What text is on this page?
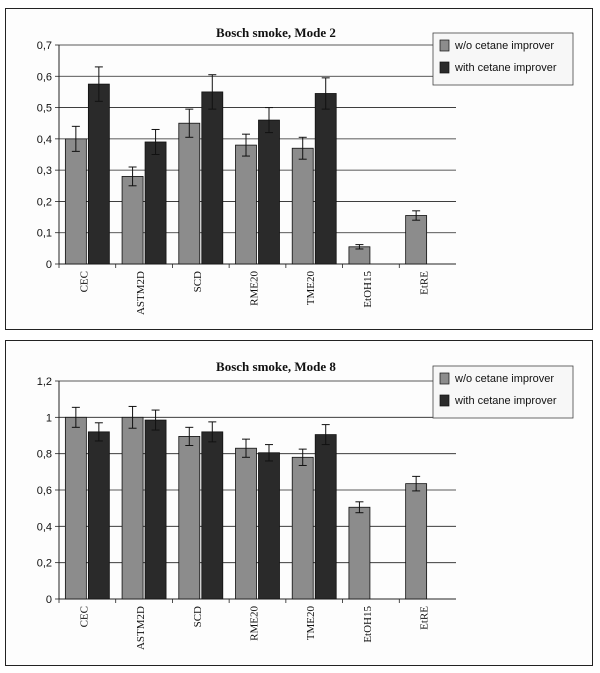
Bosch smoke, Mode 2
0
0,1
0,2
0,3
0,4
0,5
0,6
0,7
CEC	ASTM2D	SCD	RME20	TME20	EtOH15	EtRE
w/o cetane improver
with cetane improver
Bosch smoke, Mode 8
0
0,2
0,4
0,6
0,8
1
1,2
CEC	ASTM2D	SCD	RME20	TME20	EtOH15	EtRE
w/o cetane improver
with cetane improver
